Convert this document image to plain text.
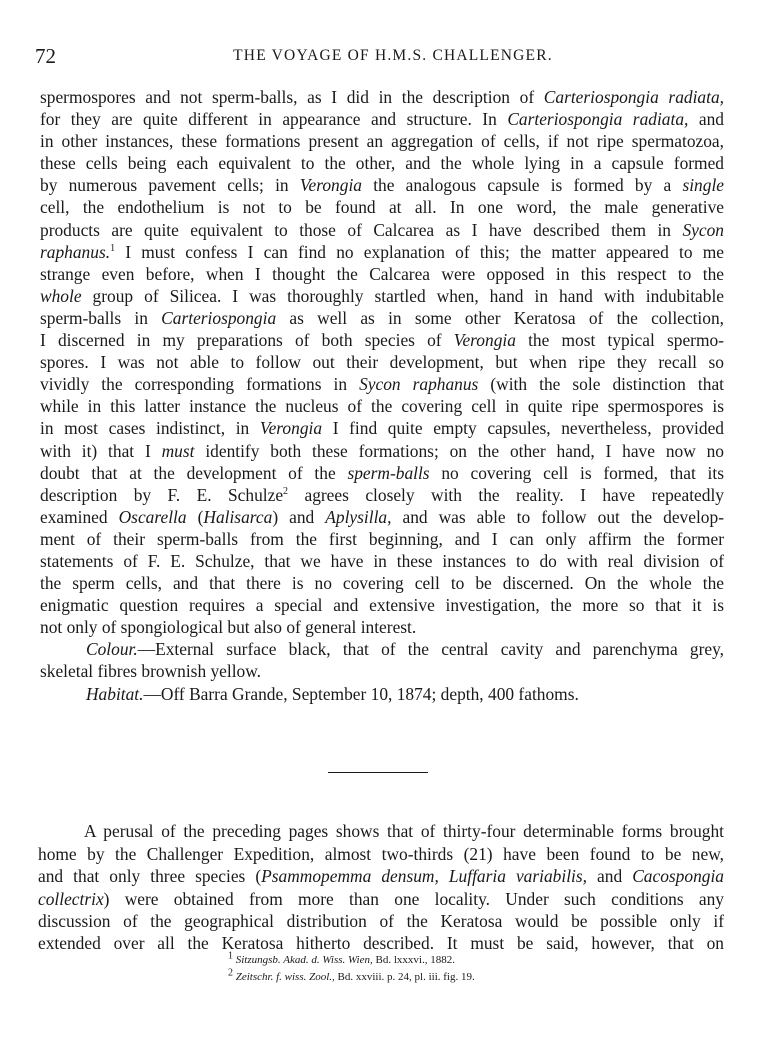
72	THE VOYAGE OF H.M.S. CHALLENGER.

spermospores and not sperm-balls, as I did in the description of Carteriospongia radiata,
for they are quite different in appearance and structure. In Carteriospongia radiata, and
in other instances, these formations present an aggregation of cells, if not ripe spermatozoa,
these cells being each equivalent to the other, and the whole lying in a capsule formed
by numerous pavement cells; in Verongia the analogous capsule is formed by a single
cell, the endothelium is not to be found at all. In one word, the male generative
products are quite equivalent to those of Calcarea as I have described them in Sycon
raphanus.$^1$ I must confess I can find no explanation of this; the matter appeared to me
strange even before, when I thought the Calcarea were opposed in this respect to the
whole group of Silicea. I was thoroughly startled when, hand in hand with indubitable
sperm-balls in Carteriospongia as well as in some other Keratosa of the collection,
I discerned in my preparations of both species of Verongia the most typical spermo-
spores. I was not able to follow out their development, but when ripe they recall so
vividly the corresponding formations in Sycon raphanus (with the sole distinction that
while in this latter instance the nucleus of the covering cell in quite ripe spermospores is
in most cases indistinct, in Verongia I find quite empty capsules, nevertheless, provided
with it) that I must identify both these formations; on the other hand, I have now no
doubt that at the development of the sperm-balls no covering cell is formed, that its
description by F. E. Schulze$^2$ agrees closely with the reality. I have repeatedly
examined Oscarella (Halisarca) and Aplysilla, and was able to follow out the develop-
ment of their sperm-balls from the first beginning, and I can only affirm the former
statements of F. E. Schulze, that we have in these instances to do with real division of
the sperm cells, and that there is no covering cell to be discerned. On the whole the
enigmatic question requires a special and extensive investigation, the more so that it is
not only of spongiological but also of general interest.

Colour.—External surface black, that of the central cavity and parenchyma grey,
skeletal fibres brownish yellow.

Habitat.—Off Barra Grande, September 10, 1874; depth, 400 fathoms.

A perusal of the preceding pages shows that of thirty-four determinable forms brought
home by the Challenger Expedition, almost two-thirds (21) have been found to be new,
and that only three species (Psammopemma densum, Luffaria variabilis, and Cacospongia
collectrix) were obtained from more than one locality. Under such conditions any
discussion of the geographical distribution of the Keratosa would be possible only if
extended over all the Keratosa hitherto described. It must be said, however, that on

$^1$ Sitzungsb. Akad. d. Wiss. Wien, Bd. lxxxvi., 1882.
$^2$ Zeitschr. f. wiss. Zool., Bd. xxviii. p. 24, pl. iii. fig. 19.
